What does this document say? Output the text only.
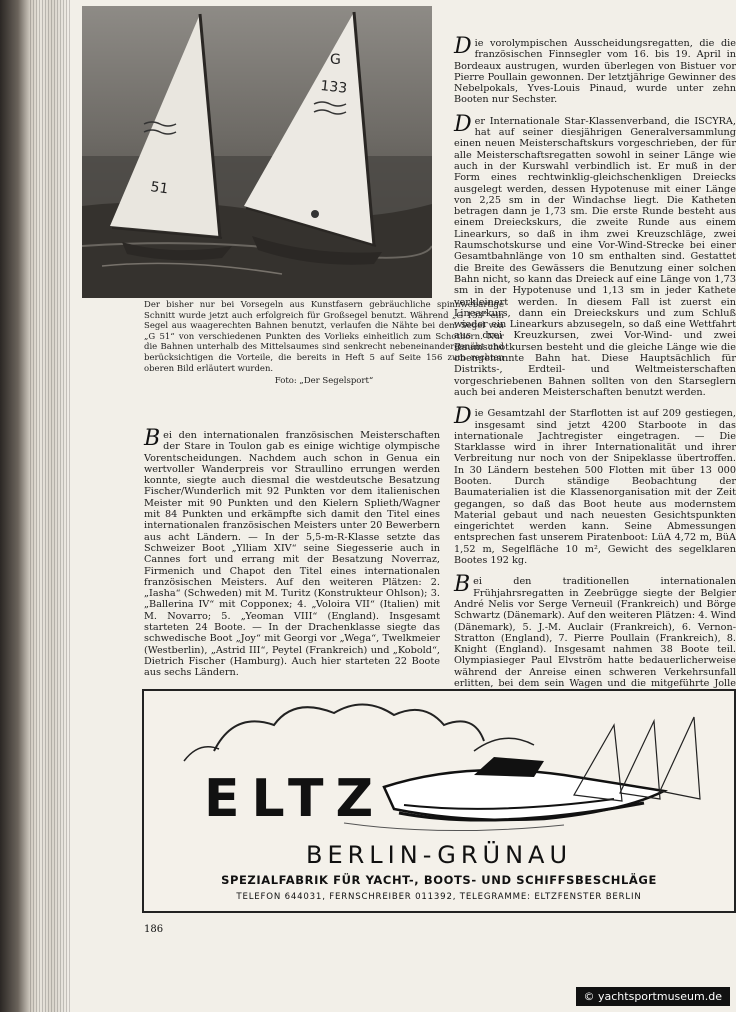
51
G
133
Der bisher nur bei Vorsegeln aus Kunstfasern gebräuchliche spinnwebartige Schnitt wurde jetzt auch erfolgreich für Großsegel benutzt. Während „G 133“ ein Segel aus waagerechten Bahnen benutzt, verlaufen die Nähte bei dem Segel von „G 51“ von verschiedenen Punkten des Vorlieks einheitlich zum Schothorn. Nur die Bahnen unterhalb des Mittelsaumes sind senkrecht nebeneinandergenäht und berücksichtigen die Vorteile, die bereits in Heft 5 auf Seite 156 zum rechten oberen Bild erläutert wurden.
Foto: „Der Segelsport“

Bei den internationalen französischen Meisterschaften der Stare in Toulon gab es einige wichtige olympische Vorentscheidungen. Nachdem auch schon in Genua ein wertvoller Wanderpreis vor Straullino errungen werden konnte, siegte auch diesmal die westdeutsche Besatzung Fischer/Wunderlich mit 92 Punkten vor dem italienischen Meister mit 90 Punkten und den Kielern Splieth/Wagner mit 84 Punkten und erkämpfte sich damit den Titel eines internationalen französischen Meisters unter 20 Bewerbern aus acht Ländern. — In der 5,5-m-R-Klasse setzte das Schweizer Boot „Ylliam XIV“ seine Siegesserie auch in Cannes fort und errang mit der Besatzung Noverraz, Firmenich und Chapot den Titel eines internationalen französischen Meisters. Auf den weiteren Plätzen: 2. „Iasha“ (Schweden) mit M. Turitz (Konstrukteur Ohlson); 3. „Ballerina IV“ mit Copponex; 4. „Voloira VII“ (Italien) mit M. Novarro; 5. „Yeoman VIII“ (England). Insgesamt starteten 24 Boote. — In der Drachenklasse siegte das schwedische Boot „Joy“ mit Georgi vor „Wega“, Twelkmeier (Westberlin), „Astrid III“, Peytel (Frankreich) und „Kobold“, Dietrich Fischer (Hamburg). Auch hier starteten 22 Boote aus sechs Ländern.

Die vorolympischen Ausscheidungsregatten, die die französischen Finnsegler vom 16. bis 19. April in Bordeaux austrugen, wurden überlegen von Bistuer vor Pierre Poullain gewonnen. Der letztjährige Gewinner des Nebelpokals, Yves-Louis Pinaud, wurde unter zehn Booten nur Sechster.

Der Internationale Star-Klassenverband, die ISCYRA, hat auf seiner diesjährigen Generalversammlung einen neuen Meisterschaftskurs vorgeschrieben, der für alle Meisterschaftsregatten sowohl in seiner Länge wie auch in der Kurswahl verbindlich ist. Er muß in der Form eines rechtwinklig-gleichschenkligen Dreiecks ausgelegt werden, dessen Hypotenuse mit einer Länge von 2,25 sm in der Windachse liegt. Die Katheten betragen dann je 1,73 sm. Die erste Runde besteht aus einem Dreieckskurs, die zweite Runde aus einem Linearkurs, so daß in ihm zwei Kreuzschläge, zwei Raumschotskurse und eine Vor-Wind-Strecke bei einer Gesamtbahnlänge von 10 sm enthalten sind. Gestattet die Breite des Gewässers die Benutzung einer solchen Bahn nicht, so kann das Dreieck auf eine Länge von 1,73 sm in der Hypotenuse und 1,13 sm in jeder Kathete verkleinert werden. In diesem Fall ist zuerst ein Linearkurs, dann ein Dreieckskurs und zum Schluß wieder ein Linearkurs abzusegeln, so daß eine Wettfahrt aus drei Kreuzkursen, zwei Vor-Wind- und zwei Raumschotkursen besteht und die gleiche Länge wie die obengenannte Bahn hat. Diese Hauptsächlich für Distrikts-, Erdteil- und Weltmeisterschaften vorgeschriebenen Bahnen sollten von den Starseglern auch bei anderen Meisterschaften benutzt werden.

Die Gesamtzahl der Starflotten ist auf 209 gestiegen, insgesamt sind jetzt 4200 Starboote in das internationale Jachtregister eingetragen. — Die Starklasse wird in ihrer Internationalität und ihrer Verbreitung nur noch von der Snipeklasse übertroffen. In 30 Ländern bestehen 500 Flotten mit über 13 000 Booten. Durch ständige Beobachtung der Baumaterialien ist die Klassenorganisation mit der Zeit gegangen, so daß das Boot heute aus modernstem Material gebaut und nach neuesten Gesichtspunkten eingerichtet werden kann. Seine Abmessungen entsprechen fast unserem Piratenboot: LüA 4,72 m, BüA 1,52 m, Segelfläche 10 m², Gewicht des segelklaren Bootes 192 kg.

Bei den traditionellen internationalen Frühjahrsregatten in Zeebrügge siegte der Belgier André Nelis vor Serge Verneuil (Frankreich) und Börge Schwartz (Dänemark). Auf den weiteren Plätzen: 4. Wind (Dänemark), 5. J.-M. Auclair (Frankreich), 6. Vernon-Stratton (England), 7. Pierre Poullain (Frankreich), 8. Knight (England). Insgesamt nahmen 38 Boote teil. Olympiasieger Paul Elvström hatte bedauerlicherweise während der Anreise einen schweren Verkehrsunfall erlitten, bei dem sein Wagen und die mitgeführte Jolle

ELTZ
BERLIN-GRÜNAU
SPEZIALFABRIK FÜR YACHT-, BOOTS- UND SCHIFFSBESCHLÄGE
TELEFON 644031, FERNSCHREIBER 011392, TELEGRAMME: ELTZFENSTER BERLIN
186
© yachtsportmuseum.de
